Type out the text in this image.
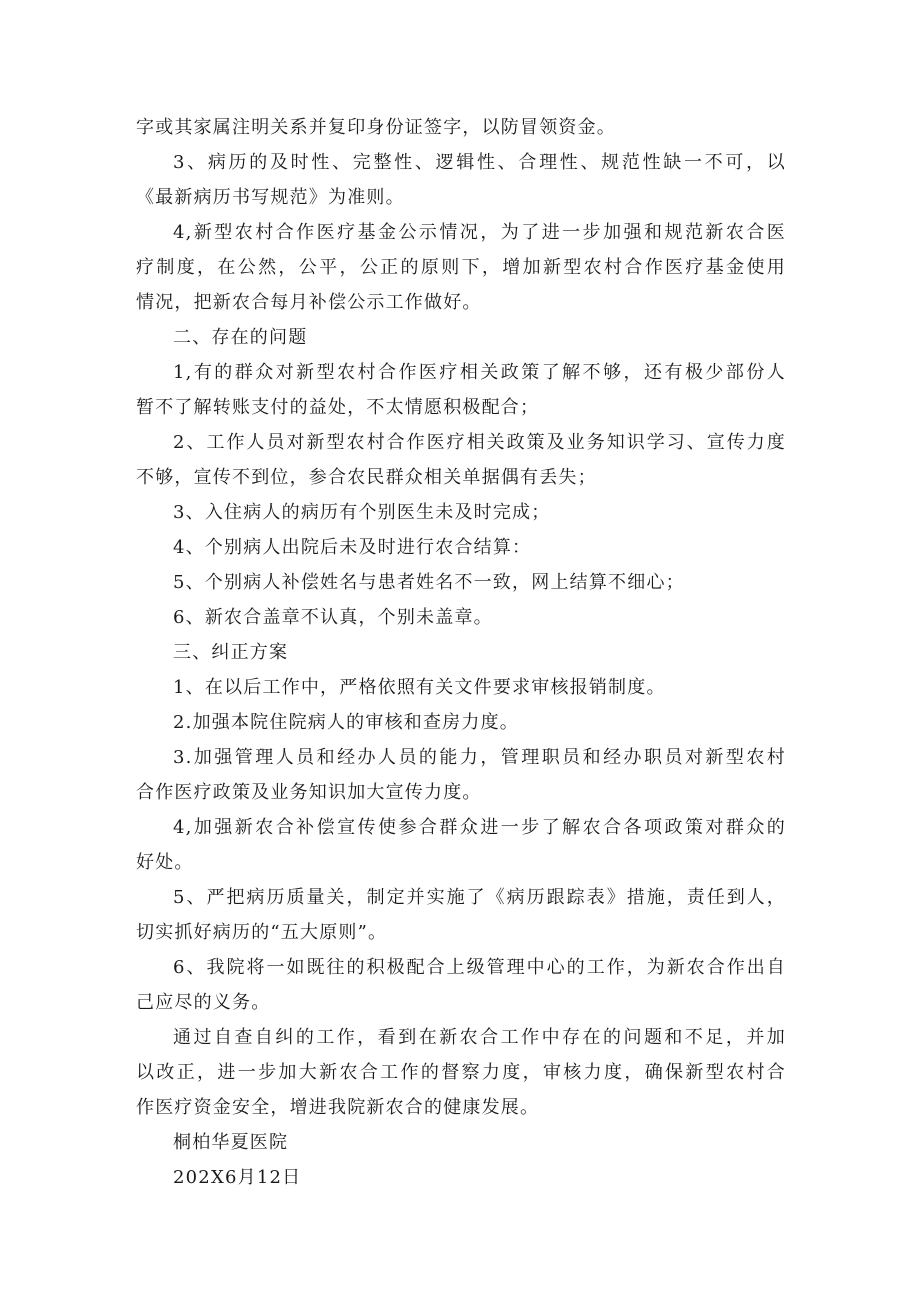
字或其家属注明关系并复印身份证签字，以防冒领资金。
3、病历的及时性、完整性、逻辑性、合理性、规范性缺一不可，以
《最新病历书写规范》为准则。
4,新型农村合作医疗基金公示情况，为了进一步加强和规范新农合医
疗制度，在公然，公平，公正的原则下，增加新型农村合作医疗基金使用
情况，把新农合每月补偿公示工作做好。
二、存在的问题
1,有的群众对新型农村合作医疗相关政策了解不够，还有极少部份人
暂不了解转账支付的益处，不太情愿积极配合；
2、工作人员对新型农村合作医疗相关政策及业务知识学习、宣传力度
不够，宣传不到位，参合农民群众相关单据偶有丢失；
3、入住病人的病历有个别医生未及时完成；
4、个别病人出院后未及时进行农合结算：
5、个别病人补偿姓名与患者姓名不一致，网上结算不细心；
6、新农合盖章不认真，个别未盖章。
三、纠正方案
1、在以后工作中，严格依照有关文件要求审核报销制度。
2.加强本院住院病人的审核和查房力度。
3.加强管理人员和经办人员的能力，管理职员和经办职员对新型农村
合作医疗政策及业务知识加大宣传力度。
4,加强新农合补偿宣传使参合群众进一步了解农合各项政策对群众的
好处。
5、严把病历质量关，制定并实施了《病历跟踪表》措施，责任到人，
切实抓好病历的“五大原则”。
6、我院将一如既往的积极配合上级管理中心的工作，为新农合作出自
己应尽的义务。
通过自查自纠的工作，看到在新农合工作中存在的问题和不足，并加
以改正，进一步加大新农合工作的督察力度，审核力度，确保新型农村合
作医疗资金安全，增进我院新农合的健康发展。
桐柏华夏医院
202X6月12日
